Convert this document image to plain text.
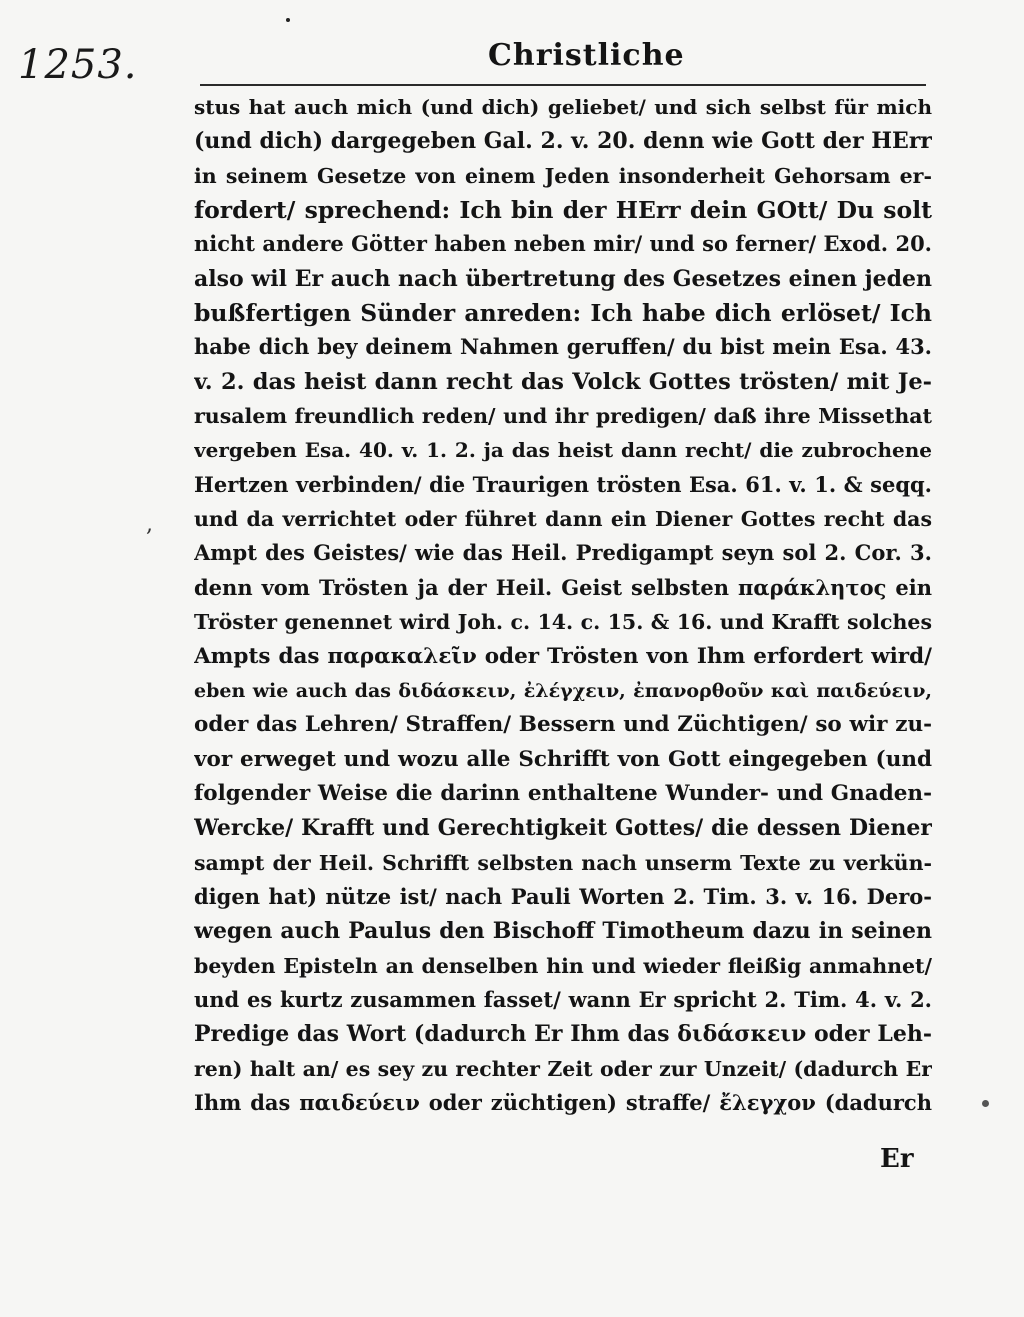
1253.	Christliche
,
stus hat auch mich (und dich) geliebet/ und sich selbst für mich
(und dich) dargegeben Gal. 2. v. 20. denn wie Gott der HErr
in seinem Gesetze von einem Jeden insonderheit Gehorsam er-
fordert/ sprechend: Ich bin der HErr dein GOtt/ Du solt
nicht andere Götter haben neben mir/ und so ferner/ Exod. 20.
also wil Er auch nach übertretung des Gesetzes einen jeden
bußfertigen Sünder anreden: Ich habe dich erlöset/ Ich
habe dich bey deinem Nahmen geruffen/ du bist mein Esa. 43.
v. 2. das heist dann recht das Volck Gottes trösten/ mit Je-
rusalem freundlich reden/ und ihr predigen/ daß ihre Missethat
vergeben Esa. 40. v. 1. 2. ja das heist dann recht/ die zubrochene
Hertzen verbinden/ die Traurigen trösten Esa. 61. v. 1. & seqq.
und da verrichtet oder führet dann ein Diener Gottes recht das
Ampt des Geistes/ wie das Heil. Predigampt seyn sol 2. Cor. 3.
denn vom Trösten ja der Heil. Geist selbsten παράκλητος ein
Tröster genennet wird Joh. c. 14. c. 15. & 16. und Krafft solches
Ampts das παρακαλεῖν oder Trösten von Ihm erfordert wird/
eben wie auch das διδάσκειν, ἐλέγχειν, ἐπανορθοῦν καὶ παιδεύειν,
oder das Lehren/ Straffen/ Bessern und Züchtigen/ so wir zu-
vor erweget und wozu alle Schrifft von Gott eingegeben (und
folgender Weise die darinn enthaltene Wunder- und Gnaden-
Wercke/ Krafft und Gerechtigkeit Gottes/ die dessen Diener
sampt der Heil. Schrifft selbsten nach unserm Texte zu verkün-
digen hat) nütze ist/ nach Pauli Worten 2. Tim. 3. v. 16. Dero-
wegen auch Paulus den Bischoff Timotheum dazu in seinen
beyden Episteln an denselben hin und wieder fleißig anmahnet/
und es kurtz zusammen fasset/ wann Er spricht 2. Tim. 4. v. 2.
Predige das Wort (dadurch Er Ihm das διδάσκειν oder Leh-
ren) halt an/ es sey zu rechter Zeit oder zur Unzeit/ (dadurch Er
Ihm das παιδεύειν oder züchtigen) straffe/ ἔλεγχον (dadurch
Er
